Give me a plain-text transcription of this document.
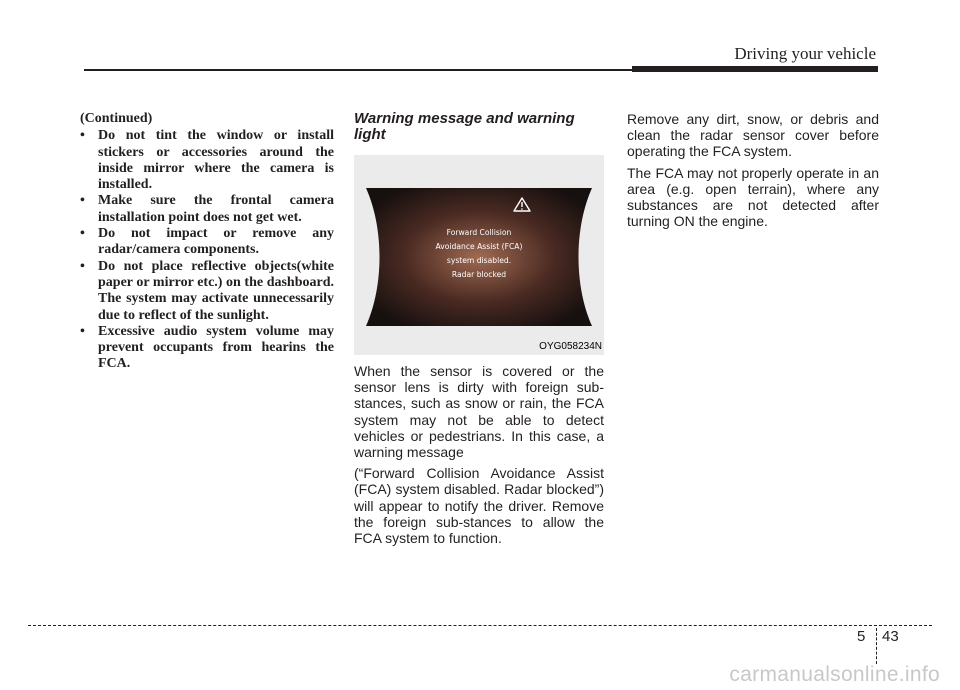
Driving your vehicle

(Continued)

• Do not tint the window or install stickers or accessories around the inside mirror where the camera is installed.
• Make sure the frontal camera installation point does not get wet.
• Do not impact or remove any radar/camera components.
• Do not place reflective objects(white paper or mirror etc.) on the dashboard. The system may activate unnecessarily due to reflect of the sunlight.
• Excessive audio system volume may prevent occupants from hearins the FCA.

Warning message and warning light

Forward Collision
Avoidance Assist (FCA)
system disabled.
Radar blocked
OYG058234N

When the sensor is covered or the sensor lens is dirty with foreign sub-stances, such as snow or rain, the FCA system may not be able to detect vehicles or pedestrians. In this case, a warning message

(“Forward Collision Avoidance Assist (FCA) system disabled. Radar blocked”) will appear to notify the driver. Remove the foreign sub-stances to allow the FCA system to function.

Remove any dirt, snow, or debris and clean the radar sensor cover before operating the FCA system.

The FCA may not properly operate in an area (e.g. open terrain), where any substances are not detected after turning ON the engine.

5 43
carmanualsonline.info
